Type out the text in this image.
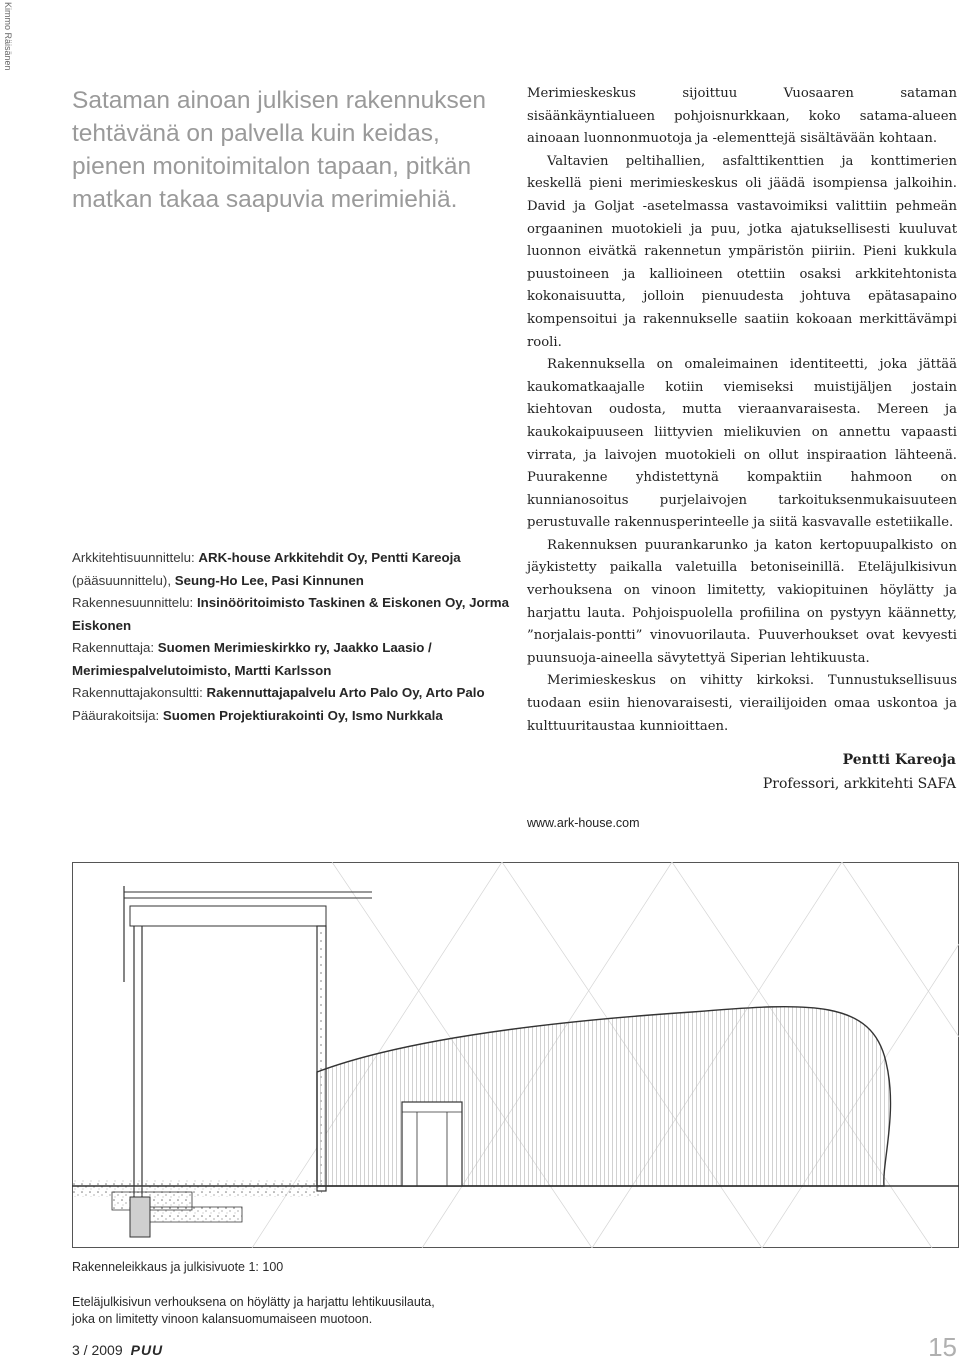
Kimmo Räisänen
Sataman ainoan julkisen rakennuksen tehtävänä on palvella kuin keidas, pienen monitoimitalon tapaan, pitkän matkan takaa saapuvia merimiehiä.

Arkkitehtisuunnittelu: ARK-house Arkkitehdit Oy, Pentti Kareoja
(pääsuunnittelu), Seung-Ho Lee, Pasi Kinnunen

Rakennesuunnittelu: Insinööritoimisto Taskinen & Eiskonen Oy, Jorma Eiskonen

Rakennuttaja: Suomen Merimieskirkko ry, Jaakko Laasio / Merimiespalvelutoimisto, Martti Karlsson

Rakennuttajakonsultti: Rakennuttajapalvelu Arto Palo Oy, Arto Palo

Pääurakoitsija: Suomen Projektiurakointi Oy, Ismo Nurkkala

Merimieskeskus sijoittuu Vuosaaren sataman sisäänkäyntialueen pohjoisnurkkaan, koko satama-alueen ainoaan luonnonmuotoja ja -elementtejä sisältävään kohtaan.

Valtavien peltihallien, asfalttikenttien ja konttimerien keskellä pieni merimieskeskus oli jäädä isompiensa jalkoihin. David ja Goljat -asetelmassa vastavoimiksi valittiin pehmeän orgaaninen muotokieli ja puu, jotka ajatuksellisesti kuuluvat luonnon eivätkä rakennetun ympäristön piiriin. Pieni kukkula puustoineen ja kallioineen otettiin osaksi arkkitehtonista kokonaisuutta, jolloin pienuudesta johtuva epätasapaino kompensoitui ja rakennukselle saatiin kokoaan merkittävämpi rooli.

Rakennuksella on omaleimainen identiteetti, joka jättää kaukomatkaajalle kotiin viemiseksi muistijäljen jostain kiehtovan oudosta, mutta vieraanvaraisesta. Mereen ja kaukokaipuuseen liittyvien mielikuvien on annettu vapaasti virrata, ja laivojen muotokieli on ollut inspiraation lähteenä. Puurakenne yhdistettynä kompaktiin hahmoon on kunnianosoitus purjelaivojen tarkoituksenmukaisuuteen perustuvalle rakennusperinteelle ja siitä kasvavalle estetiikalle.

Rakennuksen puurankarunko ja katon kertopuupalkisto on jäykistetty paikalla valetuilla betoniseinillä. Eteläjulkisivun verhouksena on vinoon limitetty, vakiopituinen höylätty ja harjattu lauta. Pohjoispuolella profiilina on pystyyn käännetty, ”norjalais-pontti” vinovuorilauta. Puuverhoukset ovat kevyesti puunsuoja-aineella sävytettyä Siperian lehtikuusta.

Merimieskeskus on vihitty kirkoksi. Tunnustuksellisuus tuodaan esiin hienovaraisesti, vierailijoiden omaa uskontoa ja kulttuuritaustaa kunnioittaen.

Pentti Kareoja
Professori, arkkitehti SAFA
www.ark-house.com
Rakenneleikkaus ja julkisivuote 1: 100

Eteläjulkisivun verhouksena on höylätty ja harjattu lehtikuusilauta,

joka on limitetty vinoon kalansuomumaiseen muotoon.

3 / 2009 PUU	15
